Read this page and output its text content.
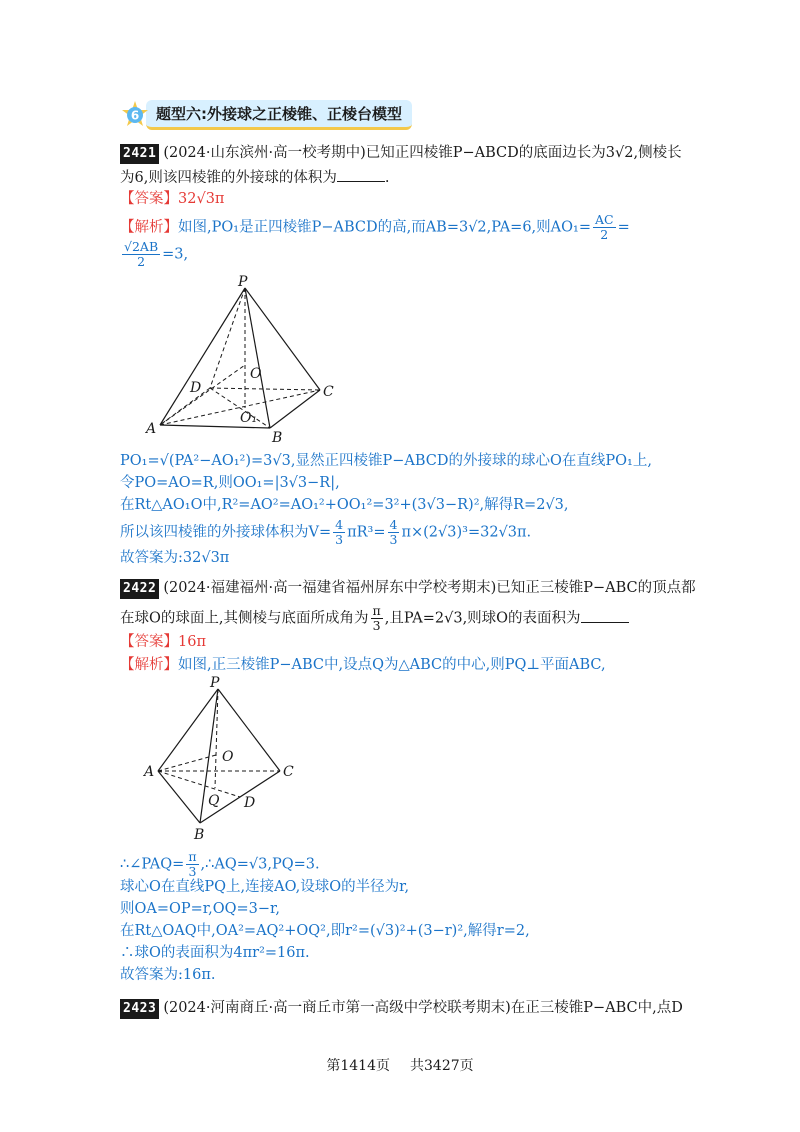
6	题型六:外接球之正棱锥、正棱台模型
2421 (2024·山东滨州·高一校考期中)已知正四棱锥P−ABCD的底面边长为3√2,侧棱长
为6,则该四棱锥的外接球的体积为	.
【答案】32√3π
【解析】如图,PO₁是正四棱锥P−ABCD的高,而AB=3√2,PA=6,则$AO_1= \frac{AC}{2}$ =
$\frac{√2AB}{2} =3$,
P
D
O
C
O₁
A
B
PO₁=√(PA²−AO₁²)=3√3,显然正四棱锥P−ABCD的外接球的球心O在直线PO₁上,
令PO=AO=R,则OO₁=|3√3−R|,
在Rt△AO₁O中,R²=AO²=AO₁²+OO₁²=3²+(3√3−R)²,解得R=2√3,
所以该四棱锥的外接球体积为$V= \frac{4}{3} \pi R^3= \frac{4}{3} \pi\times(2√3)^3=32√3\pi$.
故答案为:32√3π
2422 (2024·福建福州·高一福建省福州屏东中学校考期末)已知正三棱锥P−ABC的顶点都
在球O的球面上,其侧棱与底面所成角为 $\frac{\pi}{3}$ ,且PA=2√3,则球O的表面积为
【答案】16π
【解析】如图,正三棱锥P−ABC中,设点Q为△ABC的中心,则PQ⊥平面ABC,
P
O
A	C
Q D
B
∴∠PAQ= $\frac{\pi}{3}$ ,∴AQ=√3,PQ=3.
球心O在直线PQ上,连接AO,设球O的半径为r,
则OA=OP=r,OQ=3−r,
在Rt△OAQ中,OA²=AQ²+OQ²,即r²=(√3)²+(3−r)²,解得r=2,
∴球O的表面积为4πr²=16π.
故答案为:16π.
2423 (2024·河南商丘·高一商丘市第一高级中学校联考期末)在正三棱锥P−ABC中,点D
第1414页 共3427页
